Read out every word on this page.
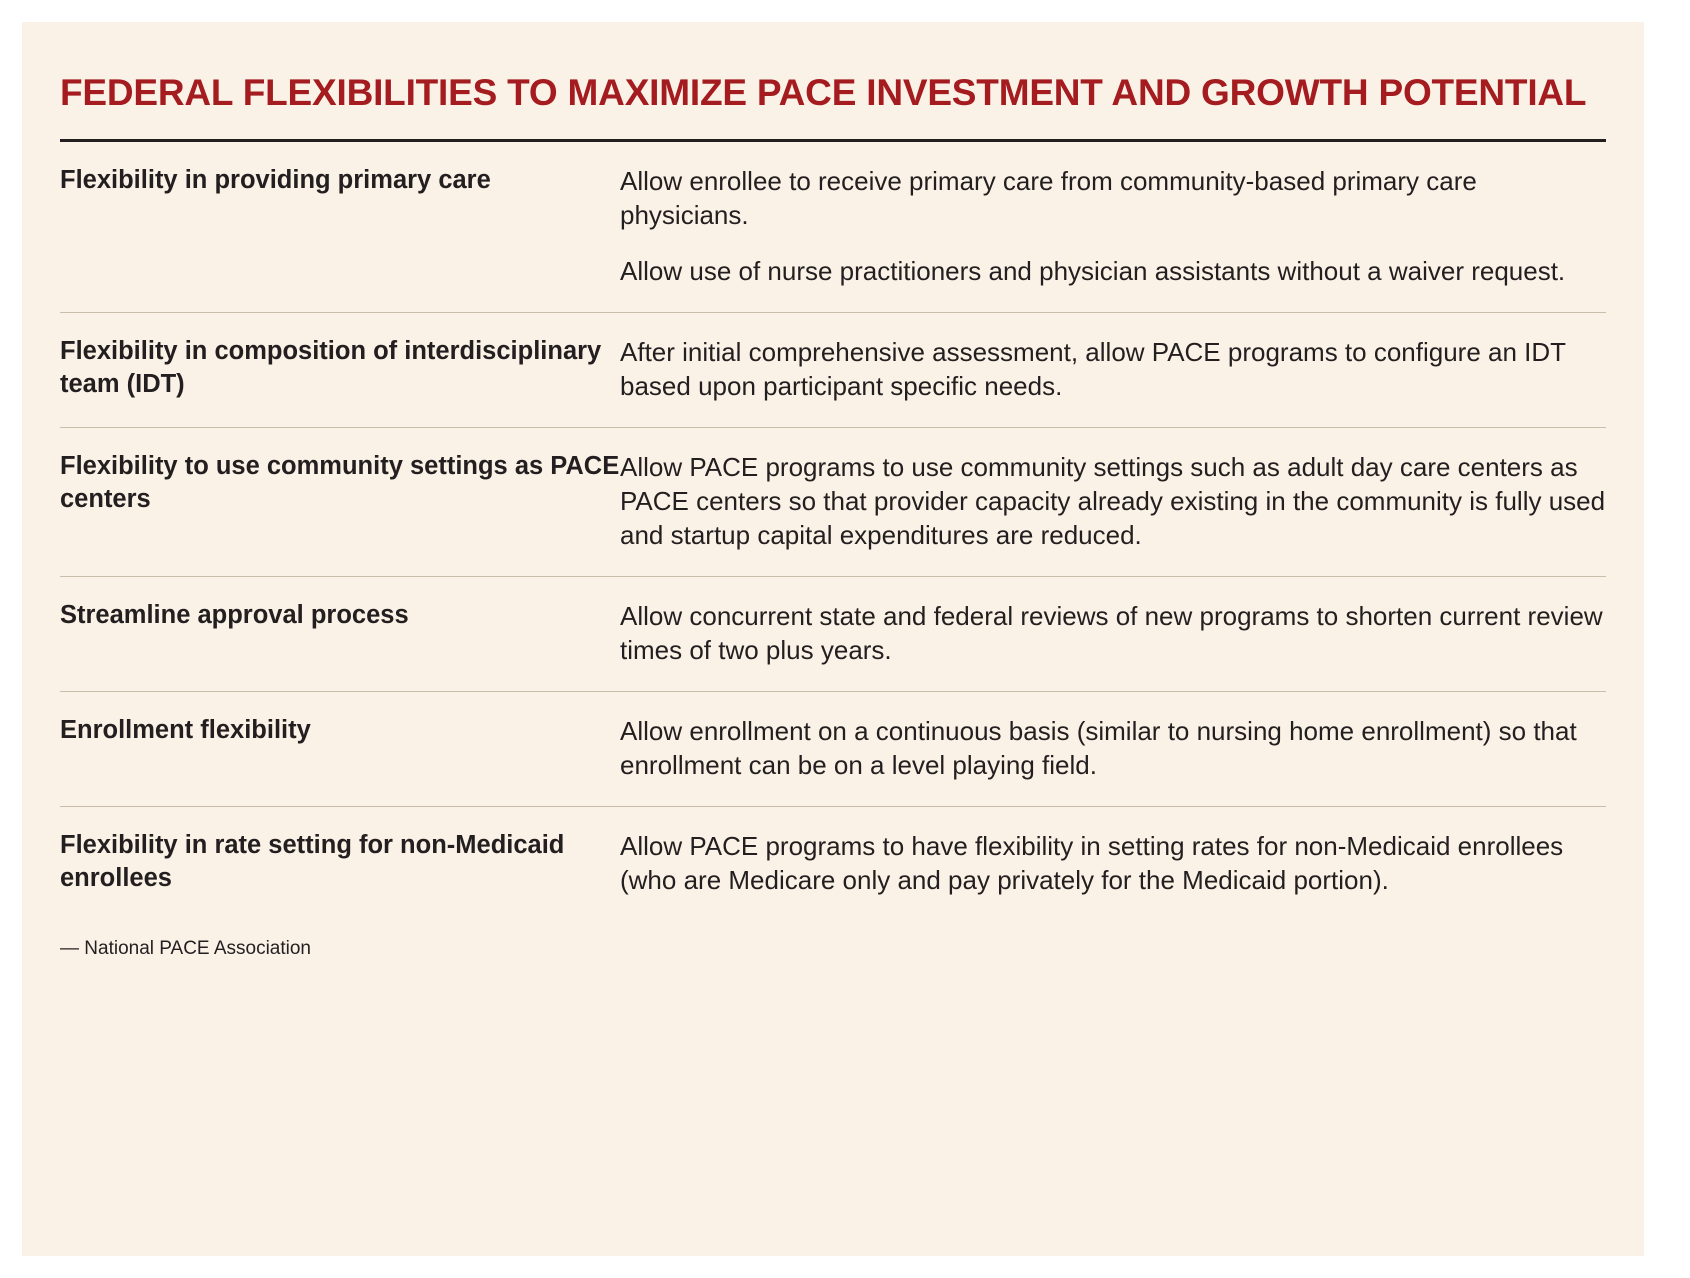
FEDERAL FLEXIBILITIES TO MAXIMIZE PACE INVESTMENT AND GROWTH POTENTIAL
Flexibility in providing primary care	Allow enrollee to receive primary care from community-based primary care physicians.

Allow use of nurse practitioners and physician assistants without a waiver request.

Flexibility in composition of interdisciplinary team (IDT)	After initial comprehensive assessment, allow PACE programs to configure an IDT based upon participant specific needs.

Flexibility to use community settings as PACE centers	Allow PACE programs to use community settings such as adult day care centers as PACE centers so that provider capacity already existing in the community is fully used and startup capital expenditures are reduced.

Streamline approval process	Allow concurrent state and federal reviews of new programs to shorten current review times of two plus years.

Enrollment flexibility	Allow enrollment on a continuous basis (similar to nursing home enrollment) so that enrollment can be on a level playing field.

Flexibility in rate setting for non-Medicaid enrollees	Allow PACE programs to have flexibility in setting rates for non-Medicaid enrollees (who are Medicare only and pay privately for the Medicaid portion).

— National PACE Association
